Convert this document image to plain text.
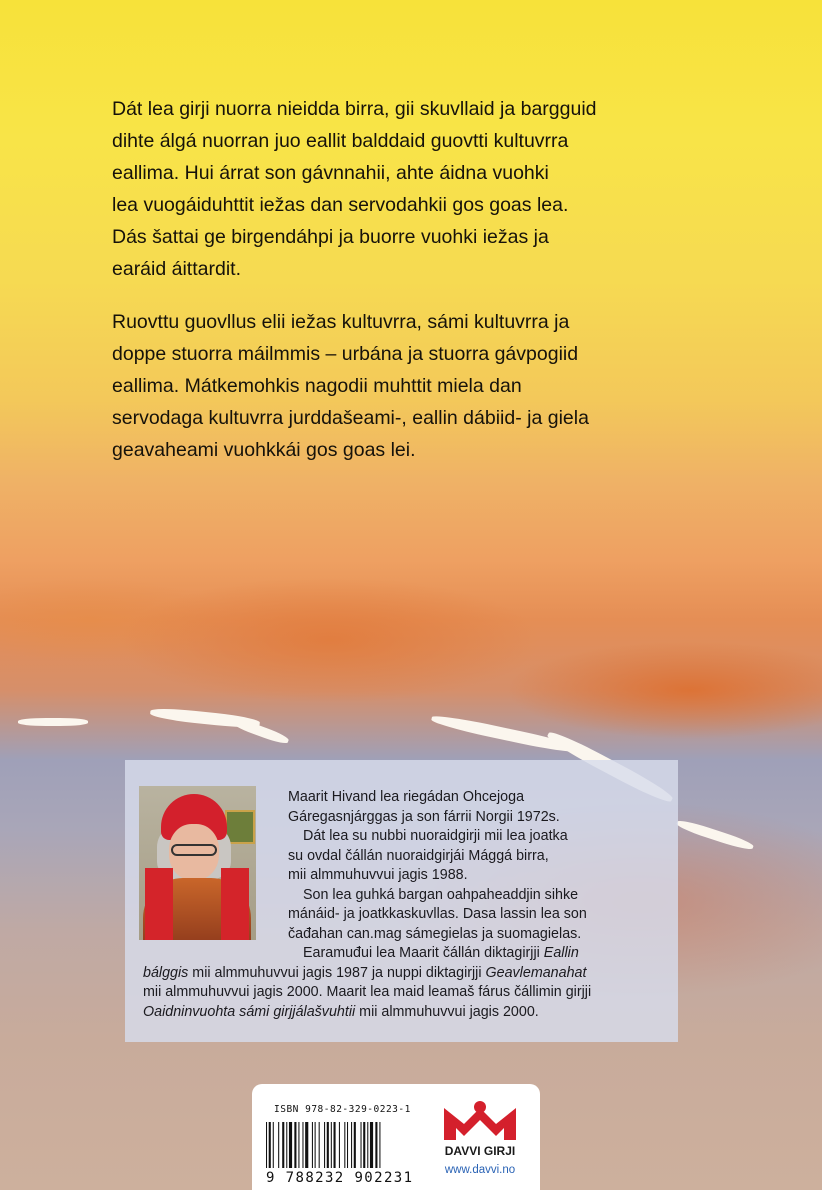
Dát lea girji nuorra nieidda birra, gii skuvllaid ja bargguid
dihte álgá nuorran juo eallit balddaid guovtti kultuvrra
eallima. Hui árrat son gávnnahii, ahte áidna vuohki
lea vuogáiduhttit iežas dan servodahkii gos goas lea.
Dás šattai ge birgendáhpi ja buorre vuohki iežas ja
earáid áittardit.

Ruovttu guovllus elii iežas kultuvrra, sámi kultuvrra ja
doppe stuorra máilmmis – urbána ja stuorra gávpogiid
eallima. Mátkemohkis nagodii muhttit miela dan
servodaga kultuvrra jurddašeami-, eallin dábiid- ja giela
geavaheami vuohkkái gos goas lei.

Maarit Hivand lea riegádan Ohcejoga
Gáregasnjárggas ja son fárrii Norgii 1972s.
Dát lea su nubbi nuoraidgirji mii lea joatka
su ovdal čállán nuoraidgirjái Mággá birra,
mii almmuhuvvui jagis 1988.
Son lea guhká bargan oahpaheaddjin sihke
mánáid- ja joatkkaskuvllas. Dasa lassin lea son
čađahan can.mag sámegielas ja suomagielas.
Earamuđui lea Maarit čállán diktagirjji Eallin
bálggis mii almmuhuvvui jagis 1987 ja nuppi diktagirjji Geavlemanahat
mii almmuhuvvui jagis 2000. Maarit lea maid leamaš fárus čállimin girjji
Oaidninvuohta sámi girjjálašvuhtii mii almmuhuvvui jagis 2000.
ISBN 978-82-329-0223-1
9 788232 902231
DAVVI GIRJI
www.davvi.no
